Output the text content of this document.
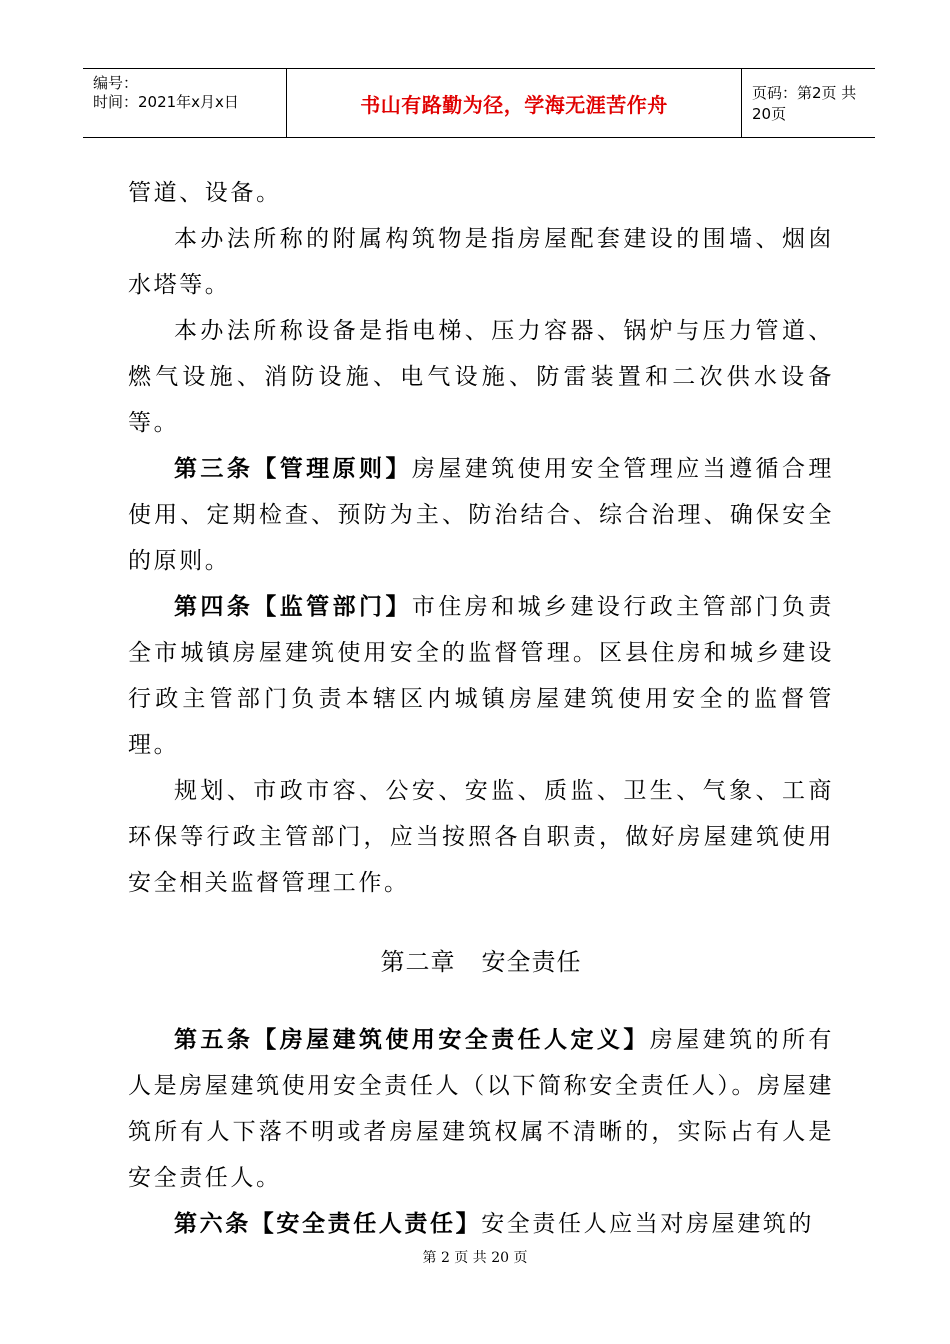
编号：
时间：2021年x月x日	书山有路勤为径，学海无涯苦作舟	页码：第2页 共20页

管道、设备。

本办法所称的附属构筑物是指房屋配套建设的围墙、烟囱水塔等。

本办法所称设备是指电梯、压力容器、锅炉与压力管道、燃气设施、消防设施、电气设施、防雷装置和二次供水设备等。

第三条【管理原则】房屋建筑使用安全管理应当遵循合理使用、定期检查、预防为主、防治结合、综合治理、确保安全的原则。

第四条【监管部门】市住房和城乡建设行政主管部门负责全市城镇房屋建筑使用安全的监督管理。区县住房和城乡建设行政主管部门负责本辖区内城镇房屋建筑使用安全的监督管理。

规划、市政市容、公安、安监、质监、卫生、气象、工商环保等行政主管部门，应当按照各自职责，做好房屋建筑使用安全相关监督管理工作。

第二章 安全责任

第五条【房屋建筑使用安全责任人定义】房屋建筑的所有人是房屋建筑使用安全责任人（以下简称安全责任人）。房屋建筑所有人下落不明或者房屋建筑权属不清晰的，实际占有人是安全责任人。

第六条【安全责任人责任】安全责任人应当对房屋建筑的

第 2 页 共 20 页
